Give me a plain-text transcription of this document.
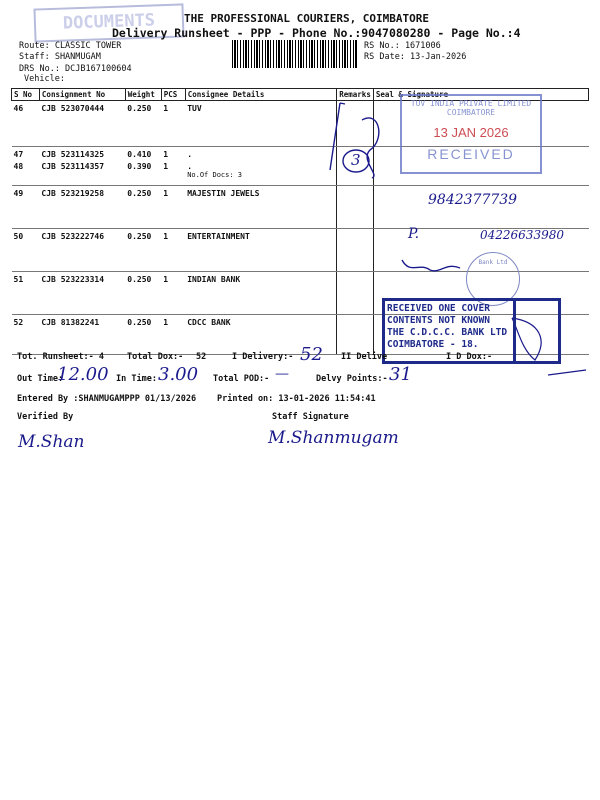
DOCUMENTS	THE PROFESSIONAL COURIERS, COIMBATORE
Delivery Runsheet - PPP - Phone No.:9047080280 - Page No.:4
Route: CLASSIC TOWER
Staff: SHANMUGAM
DRS No.: DCJB167100604
Vehicle:
RS No.: 1671006
RS Date: 13-Jan-2026
S No	Consignment No	Weight	PCS	Consignee Details	Remarks	Seal & Signature
46	CJB 523070444	0.250	1	TUV		
47	CJB 523114325	0.410	1	.		
48	CJB 523114357	0.390	1	.
No.Of Docs: 3		

49	CJB 523219258	0.250	1	MAJESTIN JEWELS		
50	CJB 523222746	0.250	1	ENTERTAINMENT		
51	CJB 523223314	0.250	1	INDIAN BANK		
52	CJB 81382241	0.250	1	CDCC BANK		
TUV INDIA PRIVATE LIMITED
COIMBATORE
13 JAN 2026
RECEIVED
3
9842377739
04226633980
P.
Bank Ltd
RECEIVED ONE COVER
CONTENTS NOT KNOWN
THE C.D.C.C. BANK LTD
COIMBATORE - 18.
Tot. Runsheet:- 4	Total Dox:- 52	I Delivery:- 52 II Delive	I D Dox:-
Out Time:
12.00 In Time: 3.00 Total POD:- —	Delvy Points:- 31
Entered By :SHANMUGAMPPP 01/13/2026 Printed on: 13-01-2026 11:54:41
Verified By	Staff Signature
M.Shan	M.Shanmugam
